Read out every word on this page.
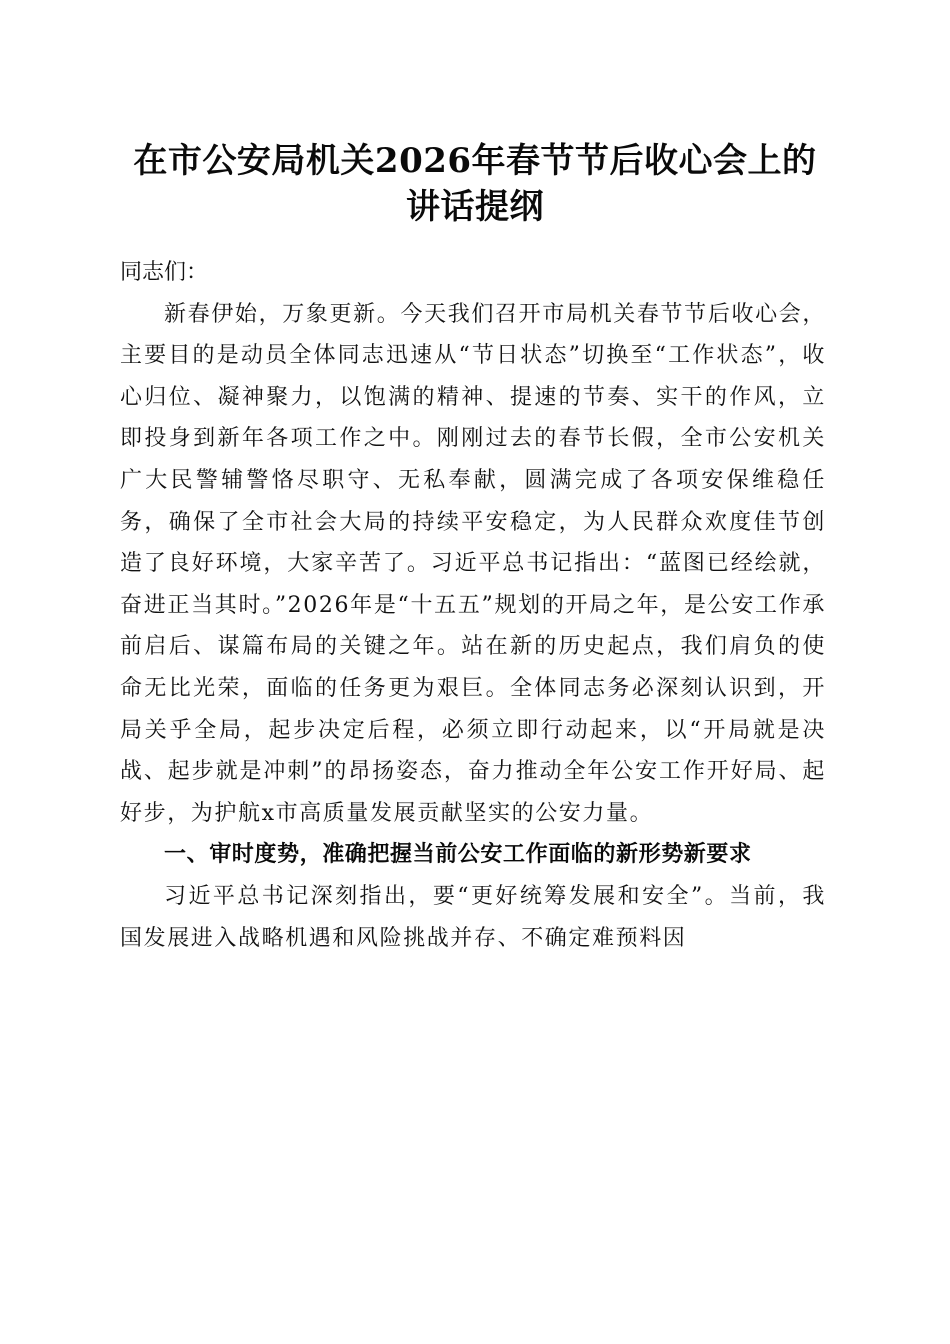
在市公安局机关2026年春节节后收心会上的
讲话提纲

同志们：

新春伊始，万象更新。今天我们召开市局机关春节节后收心会，主要目的是动员全体同志迅速从“节日状态”切换至“工作状态”，收心归位、凝神聚力，以饱满的精神、提速的节奏、实干的作风，立即投身到新年各项工作之中。刚刚过去的春节长假，全市公安机关广大民警辅警恪尽职守、无私奉献，圆满完成了各项安保维稳任务，确保了全市社会大局的持续平安稳定，为人民群众欢度佳节创造了良好环境，大家辛苦了。习近平总书记指出：“蓝图已经绘就，奋进正当其时。”2026年是“十五五”规划的开局之年，是公安工作承前启后、谋篇布局的关键之年。站在新的历史起点，我们肩负的使命无比光荣，面临的任务更为艰巨。全体同志务必深刻认识到，开局关乎全局，起步决定后程，必须立即行动起来，以“开局就是决战、起步就是冲刺”的昂扬姿态，奋力推动全年公安工作开好局、起好步，为护航x市高质量发展贡献坚实的公安力量。

一、审时度势，准确把握当前公安工作面临的新形势新要求

习近平总书记深刻指出，要“更好统筹发展和安全”。当前，我国发展进入战略机遇和风险挑战并存、不确定难预料因
